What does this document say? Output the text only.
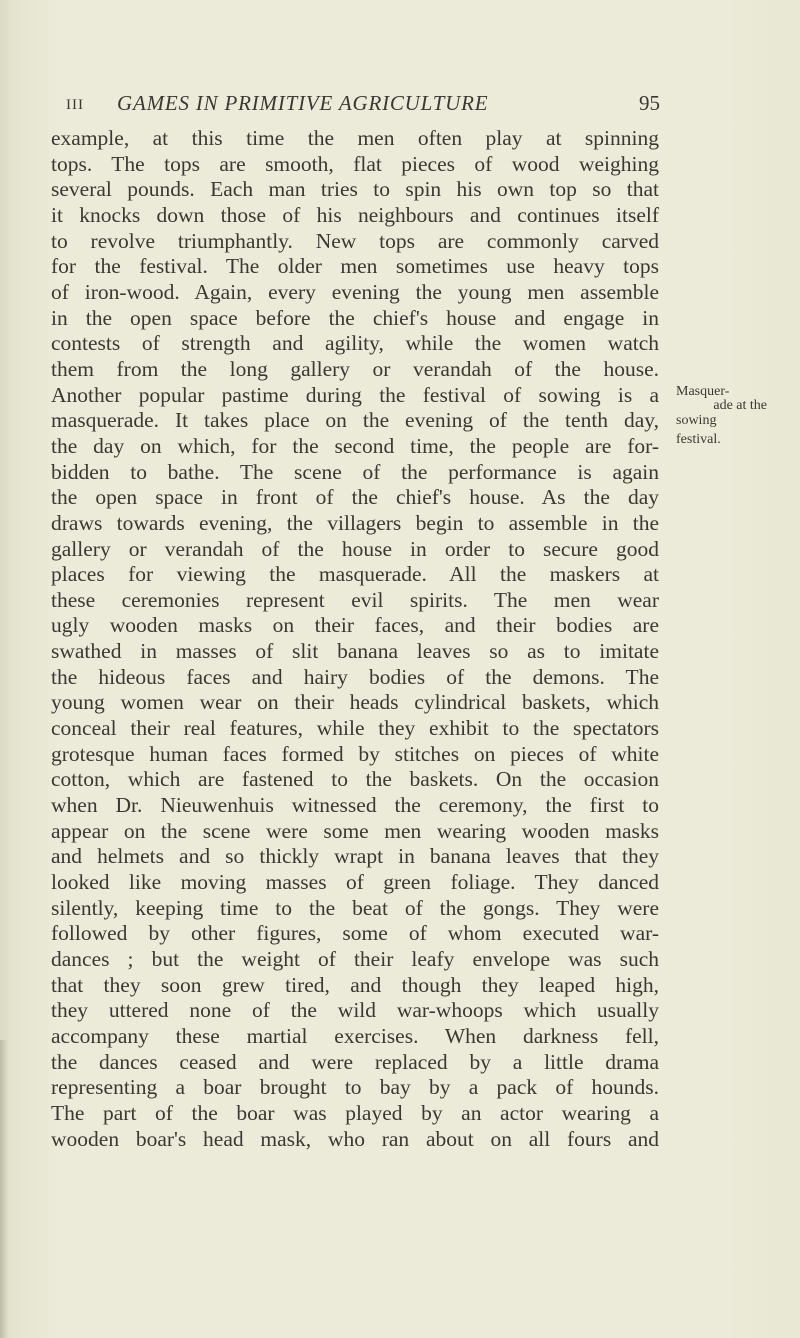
III GAMES IN PRIMITIVE AGRICULTURE	95
example, at this time the men often play at spinning
tops. The tops are smooth, flat pieces of wood weighing
several pounds. Each man tries to spin his own top so that
it knocks down those of his neighbours and continues itself
to revolve triumphantly. New tops are commonly carved
for the festival. The older men sometimes use heavy tops
of iron-wood. Again, every evening the young men assemble
in the open space before the chief's house and engage in
contests of strength and agility, while the women watch
them from the long gallery or verandah of the house.
Another popular pastime during the festival of sowing is a
masquerade. It takes place on the evening of the tenth day,
the day on which, for the second time, the people are for-
bidden to bathe. The scene of the performance is again
the open space in front of the chief's house. As the day
draws towards evening, the villagers begin to assemble in the
gallery or verandah of the house in order to secure good
places for viewing the masquerade. All the maskers at
these ceremonies represent evil spirits. The men wear
ugly wooden masks on their faces, and their bodies are
swathed in masses of slit banana leaves so as to imitate
the hideous faces and hairy bodies of the demons. The
young women wear on their heads cylindrical baskets, which
conceal their real features, while they exhibit to the spectators
grotesque human faces formed by stitches on pieces of white
cotton, which are fastened to the baskets. On the occasion
when Dr. Nieuwenhuis witnessed the ceremony, the first to
appear on the scene were some men wearing wooden masks
and helmets and so thickly wrapt in banana leaves that they
looked like moving masses of green foliage. They danced
silently, keeping time to the beat of the gongs. They were
followed by other figures, some of whom executed war-
dances ; but the weight of their leafy envelope was such
that they soon grew tired, and though they leaped high,
they uttered none of the wild war-whoops which usually
accompany these martial exercises. When darkness fell,
the dances ceased and were replaced by a little drama
representing a boar brought to bay by a pack of hounds.
The part of the boar was played by an actor wearing a
wooden boar's head mask, who ran about on all fours and
Masquer-
ade at the
sowing
festival.
